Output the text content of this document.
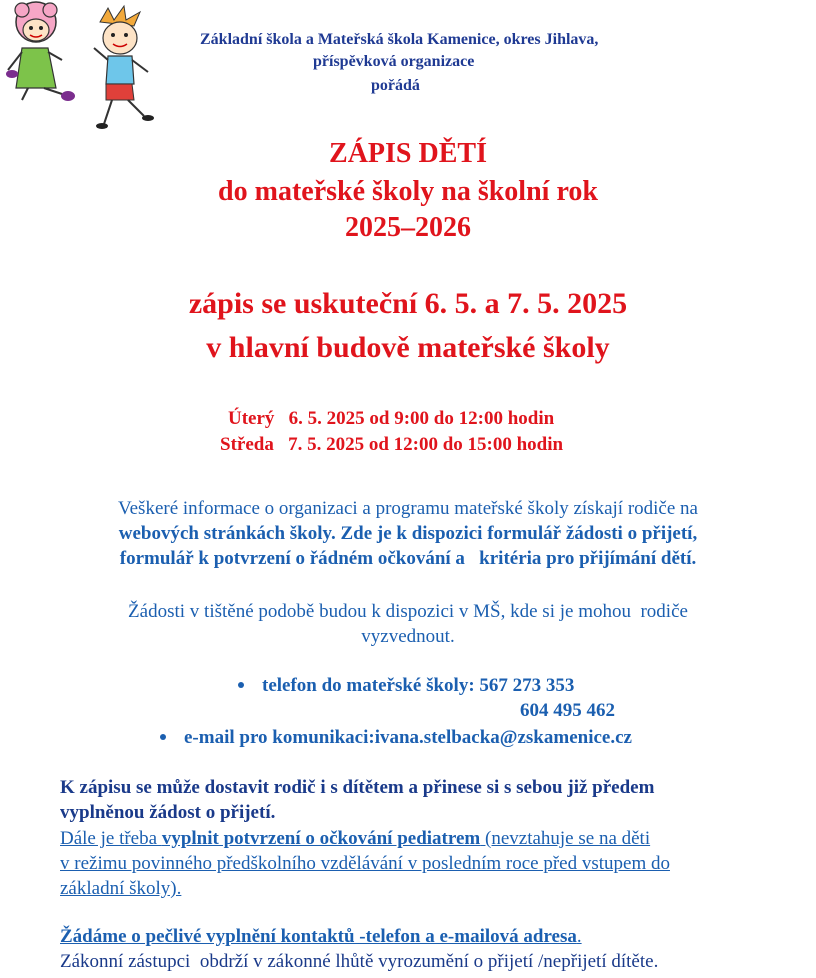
Základní škola a Mateřská škola Kamenice, okres Jihlava,
příspěvková organizace
pořádá
ZÁPIS DĚTÍ
do mateřské školy na školní rok
2025–2026
zápis se uskuteční 6. 5. a 7. 5. 2025
v hlavní budově mateřské školy
Úterý   6. 5. 2025 od 9:00 do 12:00 hodin
Středa   7. 5. 2025 od 12:00 do 15:00 hodin
Veškeré informace o organizaci a programu mateřské školy získají rodiče na
webových stránkách školy. Zde je k dispozici formulář žádosti o přijetí,
formulář k potvrzení o řádném očkování a   kritéria pro přijímání dětí.
Žádosti v tištěné podobě budou k dispozici v MŠ, kde si je mohou  rodiče
vyzvednout.
telefon do mateřské školy: 567 273 353
604 495 462
e-mail pro komunikaci:ivana.stelbacka@zskamenice.cz
K zápisu se může dostavit rodič i s dítětem a přinese si s sebou již předem
vyplněnou žádost o přijetí.
Dále je třeba vyplnit potvrzení o očkování pediatrem (nevztahuje se na děti
v režimu povinného předškolního vzdělávání v posledním roce před vstupem do
základní školy).
Žádáme o pečlivé vyplnění kontaktů -telefon a e-mailová adresa.
Zákonní zástupci  obdrží v zákonné lhůtě vyrozumění o přijetí /nepřijetí dítěte.
